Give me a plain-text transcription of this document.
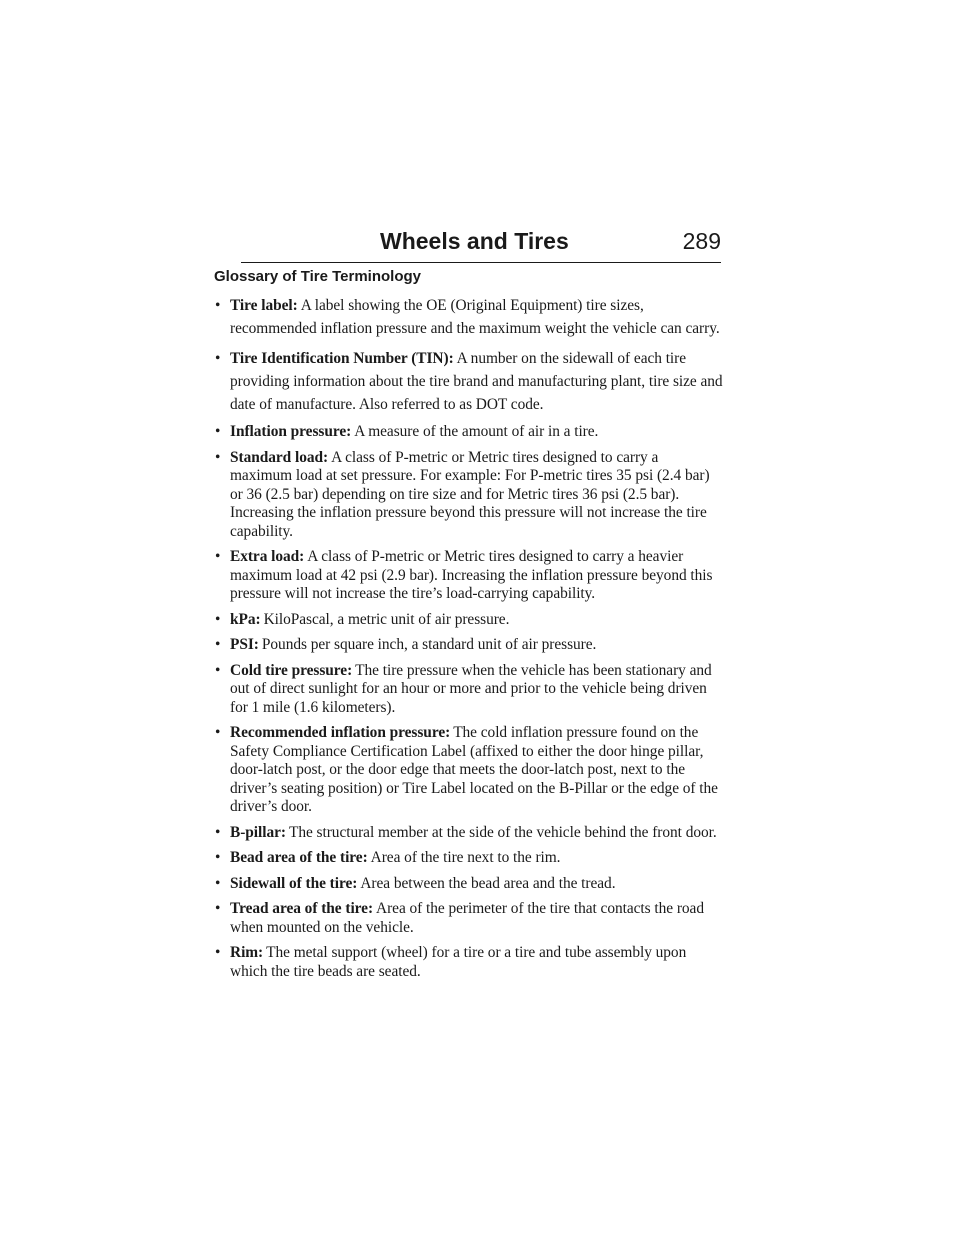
Wheels and Tires	289
Glossary of Tire Terminology
• Tire label: A label showing the OE (Original Equipment) tire sizes, recommended inflation pressure and the maximum weight the vehicle can carry.
• Tire Identification Number (TIN): A number on the sidewall of each tire providing information about the tire brand and manufacturing plant, tire size and date of manufacture. Also referred to as DOT code.
• Inflation pressure: A measure of the amount of air in a tire.
• Standard load: A class of P-metric or Metric tires designed to carry a maximum load at set pressure. For example: For P-metric tires 35 psi (2.4 bar) or 36 (2.5 bar) depending on tire size and for Metric tires 36 psi (2.5 bar). Increasing the inflation pressure beyond this pressure will not increase the tire capability.
• Extra load: A class of P-metric or Metric tires designed to carry a heavier maximum load at 42 psi (2.9 bar). Increasing the inflation pressure beyond this pressure will not increase the tire’s load-carrying capability.
• kPa: KiloPascal, a metric unit of air pressure.
• PSI: Pounds per square inch, a standard unit of air pressure.
• Cold tire pressure: The tire pressure when the vehicle has been stationary and out of direct sunlight for an hour or more and prior to the vehicle being driven for 1 mile (1.6 kilometers).
• Recommended inflation pressure: The cold inflation pressure found on the Safety Compliance Certification Label (affixed to either the door hinge pillar, door-latch post, or the door edge that meets the door-latch post, next to the driver’s seating position) or Tire Label located on the B-Pillar or the edge of the driver’s door.
• B-pillar: The structural member at the side of the vehicle behind the front door.
• Bead area of the tire: Area of the tire next to the rim.
• Sidewall of the tire: Area between the bead area and the tread.
• Tread area of the tire: Area of the perimeter of the tire that contacts the road when mounted on the vehicle.
• Rim: The metal support (wheel) for a tire or a tire and tube assembly upon which the tire beads are seated.
